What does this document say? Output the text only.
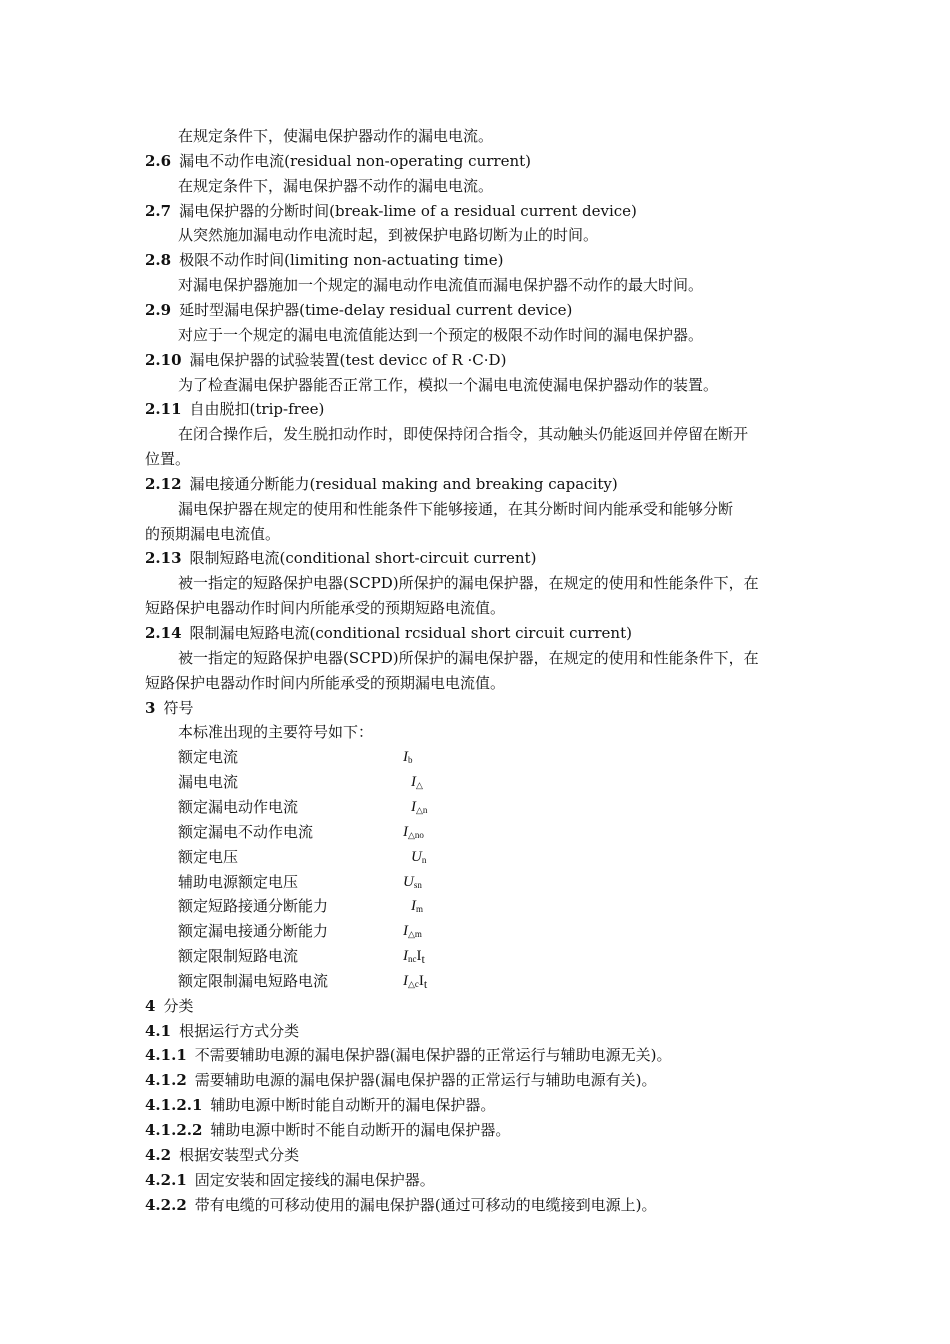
在规定条件下，使漏电保护器动作的漏电电流。
2.6 漏电不动作电流(residual non-operating current)
在规定条件下，漏电保护器不动作的漏电电流。
2.7 漏电保护器的分断时间(break-lime of a residual current device)
从突然施加漏电动作电流时起，到被保护电路切断为止的时间。
2.8 极限不动作时间(limiting non-actuating time)
对漏电保护器施加一个规定的漏电动作电流值而漏电保护器不动作的最大时间。
2.9 延时型漏电保护器(time-delay residual current device)
对应于一个规定的漏电电流值能达到一个预定的极限不动作时间的漏电保护器。
2.10 漏电保护器的试验装置(test devicc of R ·C·D)
为了检查漏电保护器能否正常工作，模拟一个漏电电流使漏电保护器动作的装置。
2.11 自由脱扣(trip-free)
在闭合操作后，发生脱扣动作时，即使保持闭合指令，其动触头仍能返回并停留在断开
位置。
2.12 漏电接通分断能力(residual making and breaking capacity)
漏电保护器在规定的使用和性能条件下能够接通，在其分断时间内能承受和能够分断
的预期漏电电流值。
2.13 限制短路电流(conditional short-circuit current)
被一指定的短路保护电器(SCPD)所保护的漏电保护器，在规定的使用和性能条件下，在
短路保护电器动作时间内所能承受的预期短路电流值。
2.14 限制漏电短路电流(conditional rcsidual short circuit current)
被一指定的短路保护电器(SCPD)所保护的漏电保护器，在规定的使用和性能条件下，在
短路保护电器动作时间内所能承受的预期漏电电流值。
3 符号
本标准出现的主要符号如下：
额定电流	$I_b$
漏电电流	$I_\triangle$
额定漏电动作电流	$I_{\triangle n}$
额定漏电不动作电流	$I_{\triangle no}$
额定电压	$U_n$
辅助电源额定电压	$U_{sn}$
额定短路接通分断能力	$I_m$
额定漏电接通分断能力	$I_{\triangle m}$
额定限制短路电流	$I_{nc}I_t$
额定限制漏电短路电流	$I_{\triangle c}I_t$
4 分类
4.1 根据运行方式分类
4.1.1 不需要辅助电源的漏电保护器(漏电保护器的正常运行与辅助电源无关)。
4.1.2 需要辅助电源的漏电保护器(漏电保护器的正常运行与辅助电源有关)。
4.1.2.1 辅助电源中断时能自动断开的漏电保护器。
4.1.2.2 辅助电源中断时不能自动断开的漏电保护器。
4.2 根据安装型式分类
4.2.1 固定安装和固定接线的漏电保护器。
4.2.2 带有电缆的可移动使用的漏电保护器(通过可移动的电缆接到电源上)。
